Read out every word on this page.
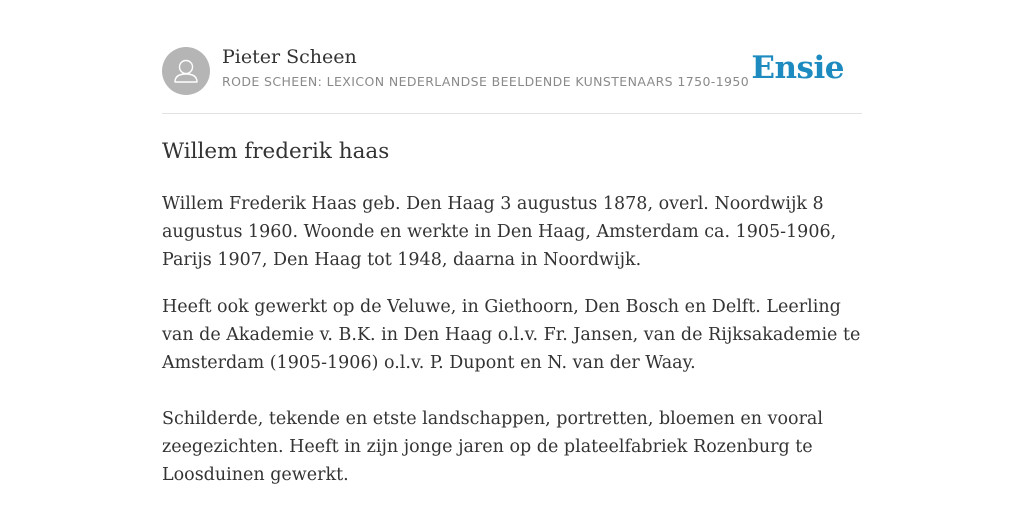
Pieter Scheen
RODE SCHEEN: LEXICON NEDERLANDSE BEELDENDE KUNSTENAARS 1750-1950 Ensie
Willem frederik haas

Willem Frederik Haas geb. Den Haag 3 augustus 1878, overl. Noordwijk 8 augustus 1960. Woonde en werkte in Den Haag, Amsterdam ca. 1905-1906, Parijs 1907, Den Haag tot 1948, daarna in Noordwijk.

Heeft ook gewerkt op de Veluwe, in Giethoorn, Den Bosch en Delft. Leerling van de Akademie v. B.K. in Den Haag o.l.v. Fr. Jansen, van de Rijksakademie te Amsterdam (1905-1906) o.l.v. P. Dupont en N. van der Waay.

Schilderde, tekende en etste landschappen, portretten, bloemen en vooral zeegezichten. Heeft in zijn jonge jaren op de plateelfabriek Rozenburg te Loosduinen gewerkt.
